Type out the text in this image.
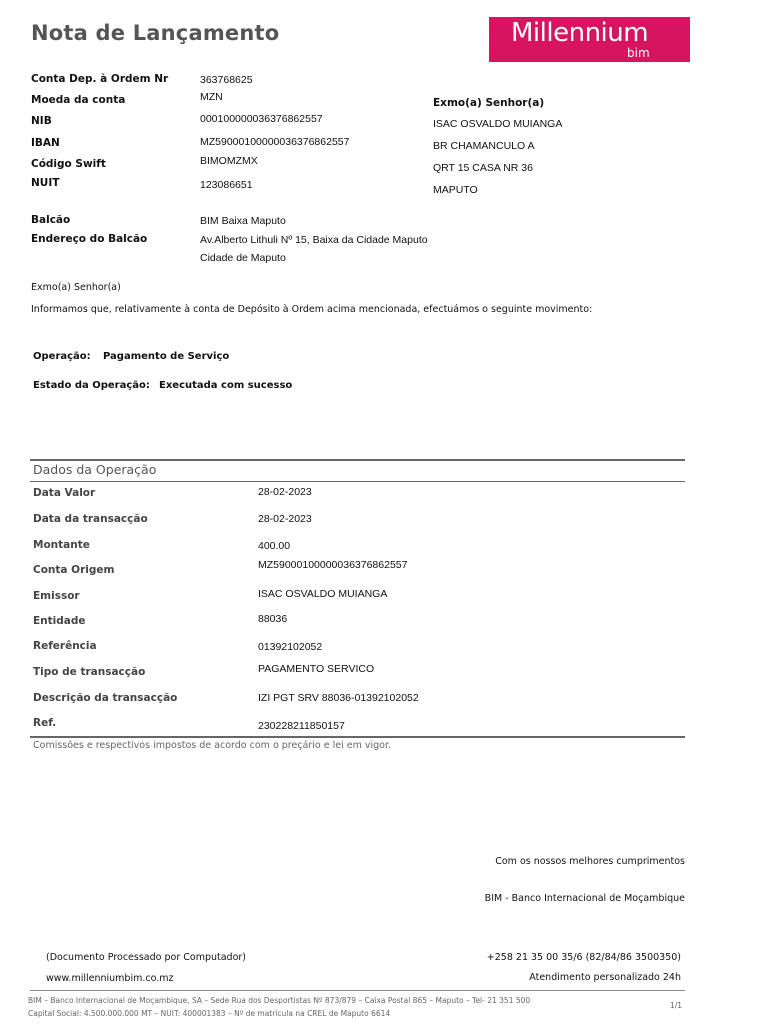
Nota de Lançamento	Millennium
bim
Conta Dep. à Ordem Nr	363768625
Moeda da conta	MZN
NIB	000100000036376862557
IBAN	MZ59000100000036376862557
Código Swift	BIMOMZMX
NUIT	123086651
Exmo(a) Senhor(a)
ISAC OSVALDO MUIANGA
BR CHAMANCULO A
QRT 15 CASA NR 36
MAPUTO
Balcão	BIM Baixa Maputo
Endereço do Balcão	Av.Alberto Lithuli Nº 15, Baixa da Cidade Maputo
Cidade de Maputo
Exmo(a) Senhor(a)
Informamos que, relativamente à conta de Depósito à Ordem acima mencionada, efectuámos o seguinte movimento:
Operação: Pagamento de Serviço
Estado da Operação: Executada com sucesso
Dados da Operação
Data Valor	28-02-2023
Data da transacção	28-02-2023
Montante	400.00
Conta Origem	MZ59000100000036376862557
Emissor	ISAC OSVALDO MUIANGA
Entidade	88036
Referência	01392102052
Tipo de transacção	PAGAMENTO SERVICO
Descrição da transacção	IZI PGT SRV 88036-01392102052
Ref.	230228211850157
Comissões e respectivos impostos de acordo com o preçário e lei em vigor.
Com os nossos melhores cumprimentos
BIM - Banco Internacional de Moçambique
(Documento Processado por Computador)	+258 21 35 00 35/6 (82/84/86 3500350)
www.millenniumbim.co.mz	Atendimento personalizado 24h
BIM – Banco Internacional de Moçambique, SA – Sede Rua dos Desportistas Nº 873/879 – Caixa Postal 865 – Maputo – Tel- 21 351 500
1/1
Capital Social: 4.500.000.000 MT – NUIT: 400001383 – Nº de matrícula na CREL de Maputo 6614
